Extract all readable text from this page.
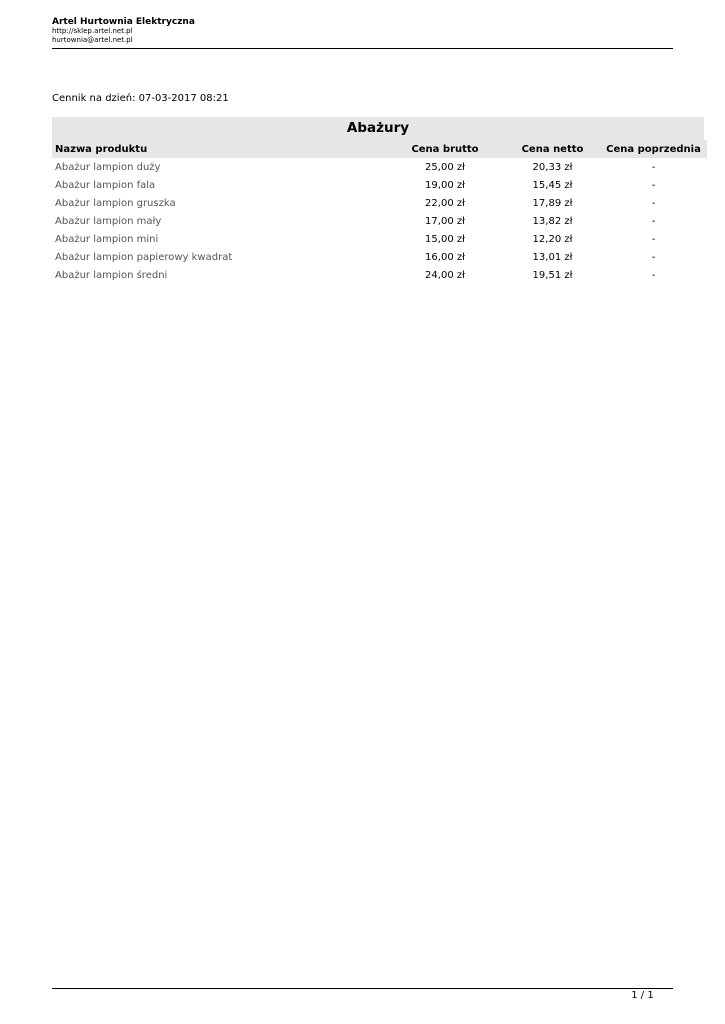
Artel Hurtownia Elektryczna
http://sklep.artel.net.pl
hurtownia@artel.net.pl
Cennik na dzień: 07-03-2017 08:21
Abażury
Nazwa produktu	Cena brutto	Cena netto	Cena poprzednia
Abażur lampion duży	25,00 zł	20,33 zł	-
Abażur lampion fala	19,00 zł	15,45 zł	-
Abażur lampion gruszka	22,00 zł	17,89 zł	-
Abażur lampion mały	17,00 zł	13,82 zł	-
Abażur lampion mini	15,00 zł	12,20 zł	-
Abażur lampion papierowy kwadrat	16,00 zł	13,01 zł	-
Abażur lampion średni	24,00 zł	19,51 zł	-
1 / 1
